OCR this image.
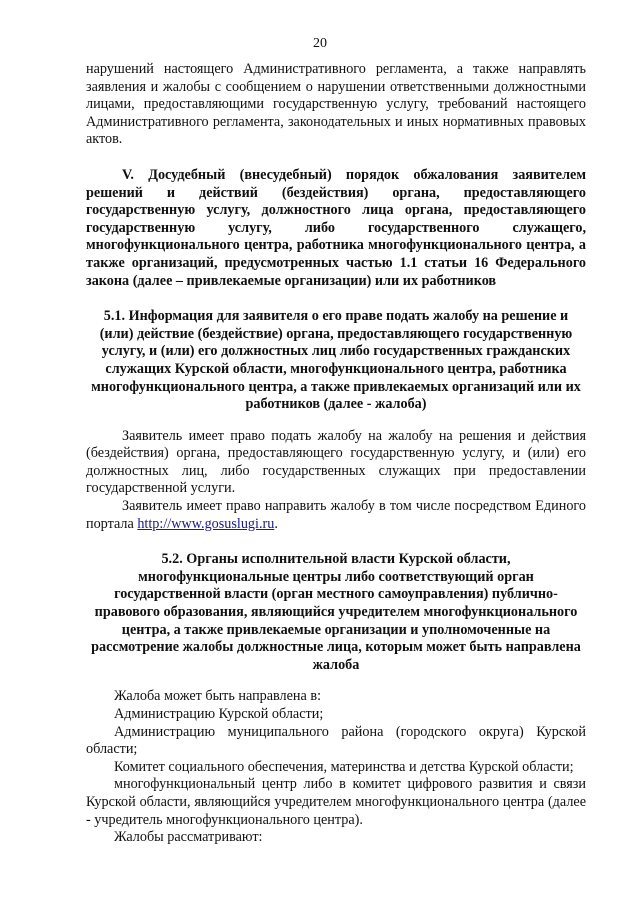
20

нарушений настоящего Административного регламента, а также направлять заявления и жалобы с сообщением о нарушении ответственными должностными лицами, предоставляющими государственную услугу, требований настоящего Административного регламента, законодательных и иных нормативных правовых актов.

V. Досудебный (внесудебный) порядок обжалования заявителем решений и действий (бездействия) органа, предоставляющего государственную услугу, должностного лица органа, предоставляющего государственную услугу, либо государственного служащего, многофункционального центра, работника многофункционального центра, а также организаций, предусмотренных частью 1.1 статьи 16 Федерального закона (далее – привлекаемые организации) или их работников

5.1. Информация для заявителя о его праве подать жалобу на решение и (или) действие (бездействие) органа, предоставляющего государственную услугу, и (или) его должностных лиц либо государственных гражданских служащих Курской области, многофункционального центра, работника многофункционального центра, а также привлекаемых организаций или их работников (далее - жалоба)

Заявитель имеет право подать жалобу на жалобу на решения и действия (бездействия) органа, предоставляющего государственную услугу, и (или) его должностных лиц, либо государственных служащих при предоставлении государственной услуги.

Заявитель имеет право направить жалобу в том числе посредством Единого портала http://www.gosuslugi.ru.

5.2. Органы исполнительной власти Курской области, многофункциональные центры либо соответствующий орган государственной власти (орган местного самоуправления) публично-правового образования, являющийся учредителем многофункционального центра, а также привлекаемые организации и уполномоченные на рассмотрение жалобы должностные лица, которым может быть направлена жалоба

Жалоба может быть направлена в:

Администрацию Курской области;

Администрацию муниципального района (городского округа) Курской области;

Комитет социального обеспечения, материнства и детства Курской области;

многофункциональный центр либо в комитет цифрового развития и связи Курской области, являющийся учредителем многофункционального центра (далее - учредитель многофункционального центра).

Жалобы рассматривают:
